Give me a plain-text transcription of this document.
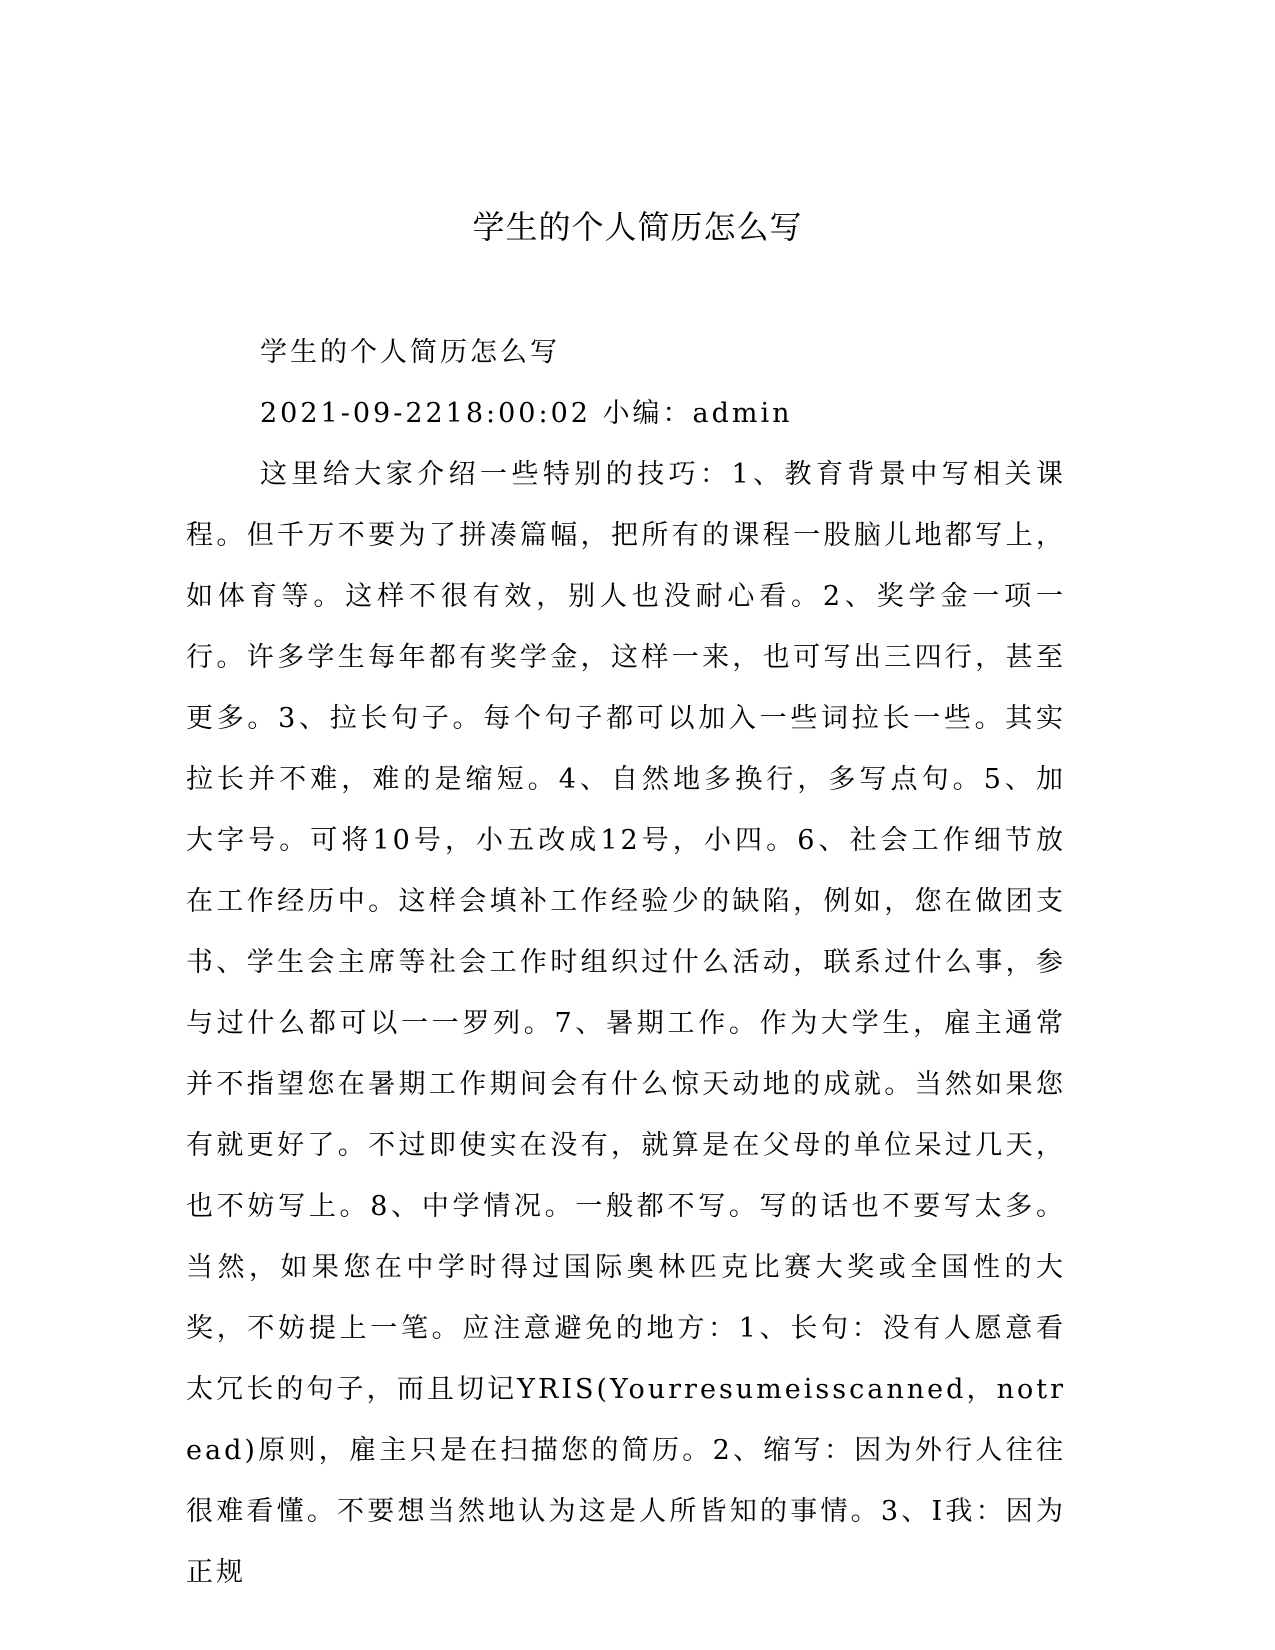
学生的个人简历怎么写

学生的个人简历怎么写

2021-09-2218:00:02 小编：admin

这里给大家介绍一些特别的技巧：1、教育背景中写相关课程。但千万不要为了拼凑篇幅，把所有的课程一股脑儿地都写上，如体育等。这样不很有效，别人也没耐心看。2、奖学金一项一行。许多学生每年都有奖学金，这样一来，也可写出三四行，甚至更多。3、拉长句子。每个句子都可以加入一些词拉长一些。其实拉长并不难，难的是缩短。4、自然地多换行，多写点句。5、加大字号。可将10号，小五改成12号，小四。6、社会工作细节放在工作经历中。这样会填补工作经验少的缺陷，例如，您在做团支书、学生会主席等社会工作时组织过什么活动，联系过什么事，参与过什么都可以一一罗列。7、暑期工作。作为大学生，雇主通常并不指望您在暑期工作期间会有什么惊天动地的成就。当然如果您有就更好了。不过即使实在没有，就算是在父母的单位呆过几天，也不妨写上。8、中学情况。一般都不写。写的话也不要写太多。当然，如果您在中学时得过国际奥林匹克比赛大奖或全国性的大奖，不妨提上一笔。应注意避免的地方：1、长句：没有人愿意看太冗长的句子，而且切记YRIS(Yourresumeisscanned，notread)原则，雇主只是在扫描您的简历。2、缩写：因为外行人往往很难看懂。不要想当然地认为这是人所皆知的事情。3、I我：因为正规
